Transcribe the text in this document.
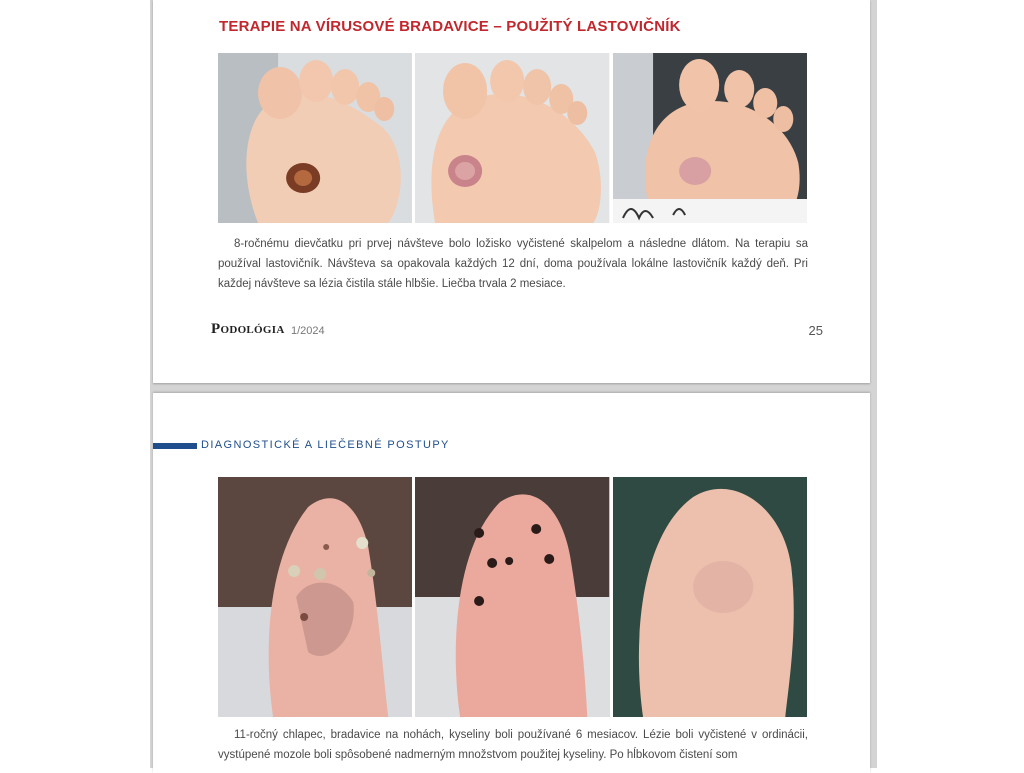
TERAPIE NA VÍRUSOVÉ BRADAVICE – POUŽITÝ LASTOVIČNÍK

8-ročnému dievčatku pri prvej návšteve bolo ložisko vyčistené skalpelom a následne dlátom. Na terapiu sa používal lastovičník. Návšteva sa opakovala každých 12 dní, doma používala lokálne lastovičník každý deň. Pri každej návšteve sa lézia čistila stále hlbšie. Liečba trvala 2 mesiace.

Podológia 1/2024	25
DIAGNOSTICKÉ A LIEČEBNÉ POSTUPY

11-ročný chlapec, bradavice na nohách, kyseliny boli používané 6 mesiacov. Lézie boli vyčistené v ordinácii, vystúpené mozole boli spôsobené nadmerným množstvom použitej kyseliny. Po hĺbkovom čistení som
